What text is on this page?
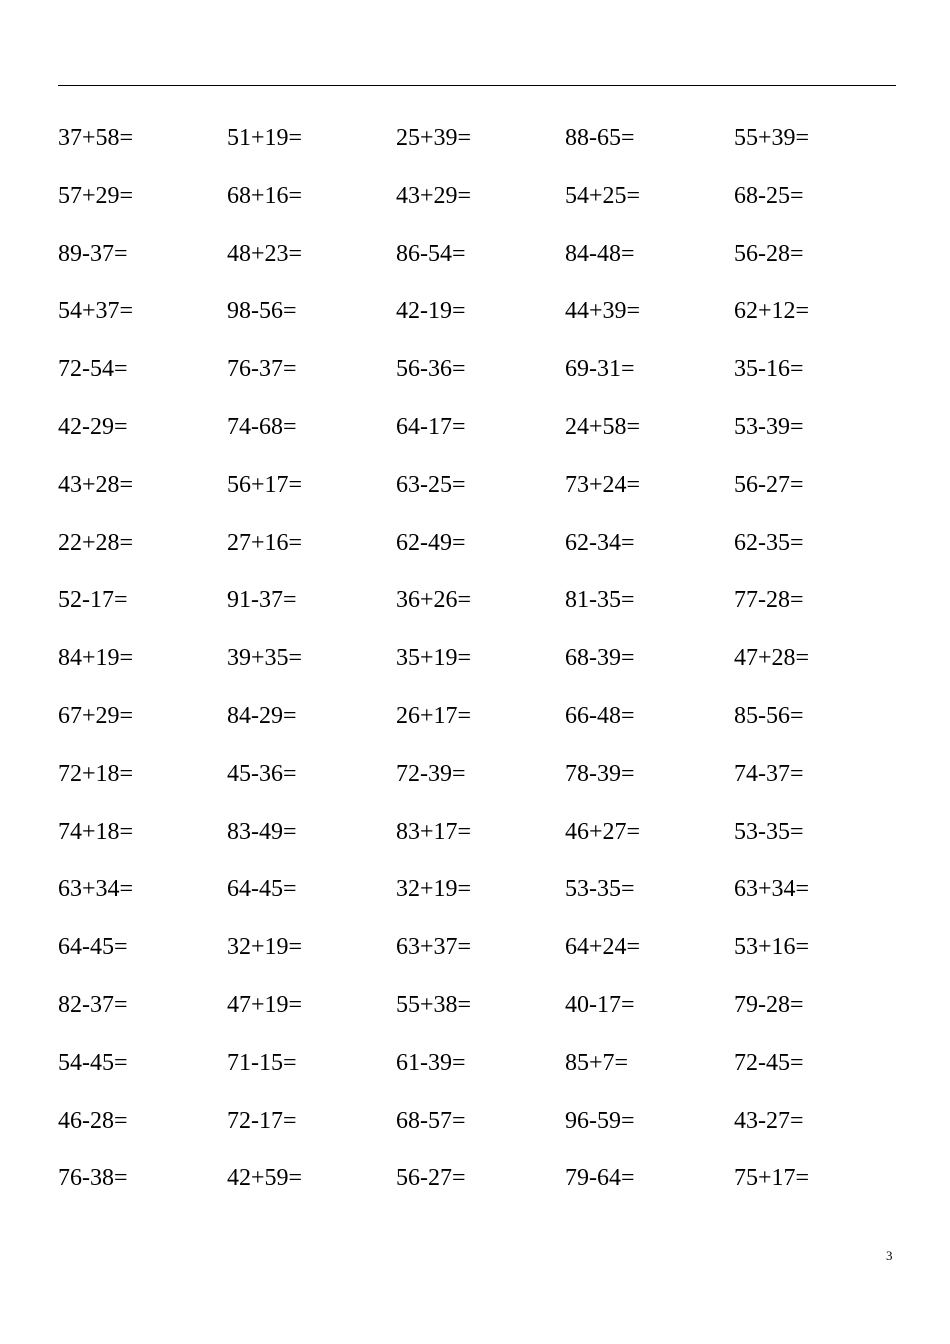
37+58=	51+19=	25+39=	88-65=	55+39=
57+29=	68+16=	43+29=	54+25=	68-25=
89-37=	48+23=	86-54=	84-48=	56-28=
54+37=	98-56=	42-19=	44+39=	62+12=
72-54=	76-37=	56-36=	69-31=	35-16=
42-29=	74-68=	64-17=	24+58=	53-39=
43+28=	56+17=	63-25=	73+24=	56-27=
22+28=	27+16=	62-49=	62-34=	62-35=
52-17=	91-37=	36+26=	81-35=	77-28=
84+19=	39+35=	35+19=	68-39=	47+28=
67+29=	84-29=	26+17=	66-48=	85-56=
72+18=	45-36=	72-39=	78-39=	74-37=
74+18=	83-49=	83+17=	46+27=	53-35=
63+34=	64-45=	32+19=	53-35=	63+34=
64-45=	32+19=	63+37=	64+24=	53+16=
82-37=	47+19=	55+38=	40-17=	79-28=
54-45=	71-15=	61-39=	85+7=	72-45=
46-28=	72-17=	68-57=	96-59=	43-27=
76-38=	42+59=	56-27=	79-64=	75+17=
3
